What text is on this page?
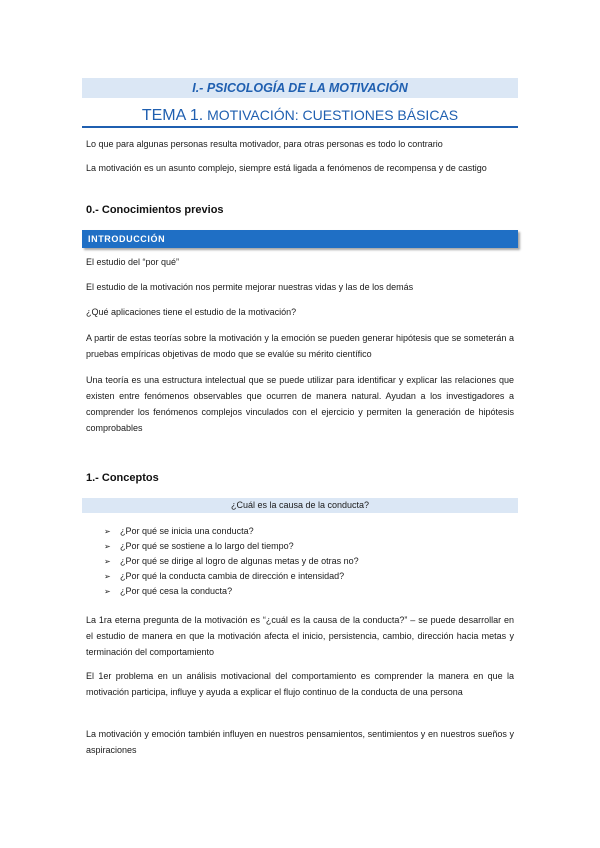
I.- PSICOLOGÍA DE LA MOTIVACIÓN
TEMA 1. MOTIVACIÓN: CUESTIONES BÁSICAS
Lo que para algunas personas resulta motivador, para otras personas es todo lo contrario
La motivación es un asunto complejo, siempre está ligada a fenómenos de recompensa y de castigo
0.- Conocimientos previos
INTRODUCCIÓN
El estudio del “por qué”
El estudio de la motivación nos permite mejorar nuestras vidas y las de los demás
¿Qué aplicaciones tiene el estudio de la motivación?
A partir de estas teorías sobre la motivación y la emoción se pueden generar hipótesis que se someterán a pruebas empíricas objetivas de modo que se evalúe su mérito científico
Una teoría es una estructura intelectual que se puede utilizar para identificar y explicar las relaciones que existen entre fenómenos observables que ocurren de manera natural. Ayudan a los investigadores a comprender los fenómenos complejos vinculados con el ejercicio y permiten la generación de hipótesis comprobables
1.- Conceptos
¿Cuál es la causa de la conducta?
➢ ¿Por qué se inicia una conducta?
➢ ¿Por qué se sostiene a lo largo del tiempo?
➢ ¿Por qué se dirige al logro de algunas metas y de otras no?
➢ ¿Por qué la conducta cambia de dirección e intensidad?
➢ ¿Por qué cesa la conducta?
La 1ra eterna pregunta de la motivación es “¿cuál es la causa de la conducta?” – se puede desarrollar en el estudio de manera en que la motivación afecta el inicio, persistencia, cambio, dirección hacia metas y terminación del comportamiento
El 1er problema en un análisis motivacional del comportamiento es comprender la manera en que la motivación participa, influye y ayuda a explicar el flujo continuo de la conducta de una persona
La motivación y emoción también influyen en nuestros pensamientos, sentimientos y en nuestros sueños y aspiraciones
